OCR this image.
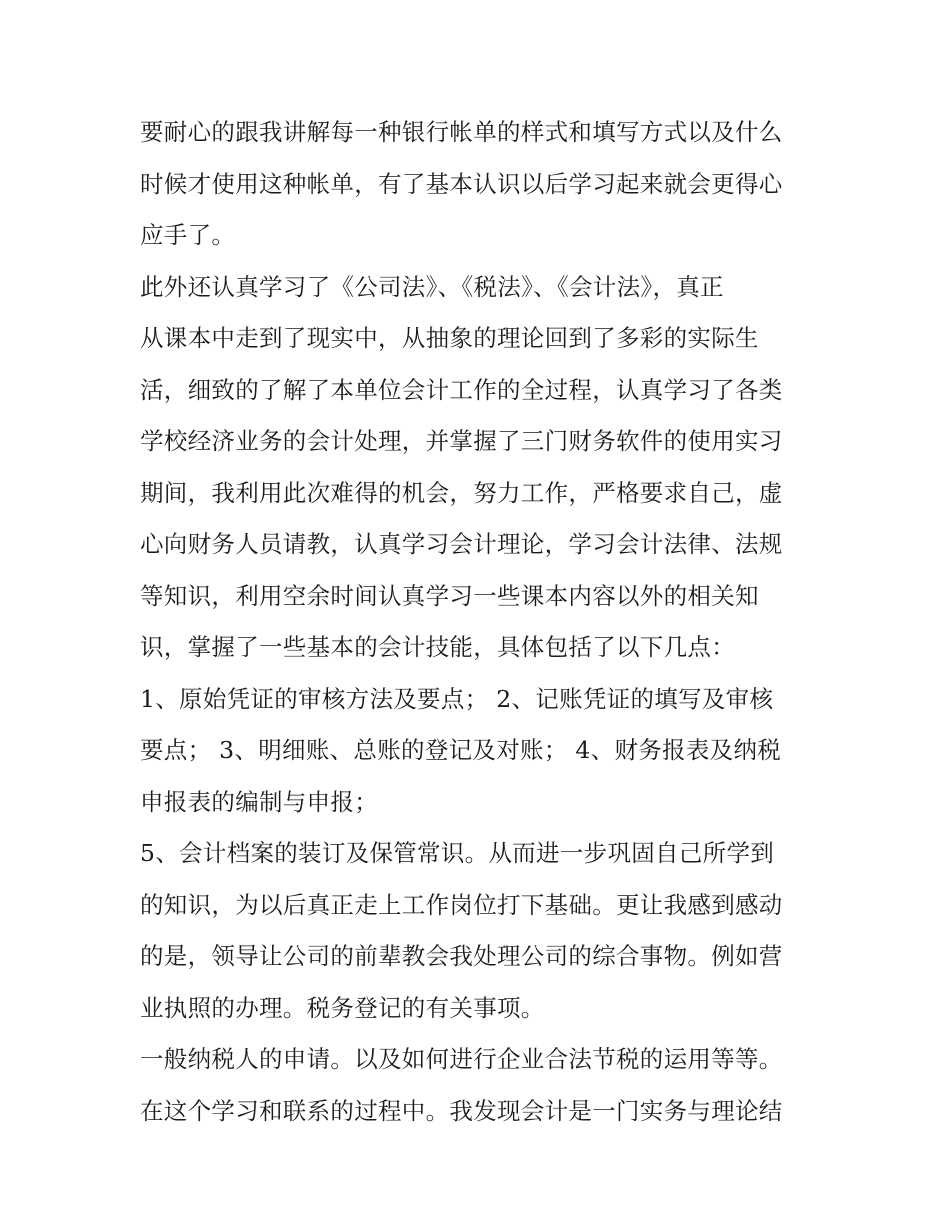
要耐心的跟我讲解每一种银行帐单的样式和填写方式以及什么
时候才使用这种帐单，有了基本认识以后学习起来就会更得心
应手了。
此外还认真学习了《公司法》、《税法》、《会计法》，真正
从课本中走到了现实中，从抽象的理论回到了多彩的实际生
活，细致的了解了本单位会计工作的全过程，认真学习了各类
学校经济业务的会计处理，并掌握了三门财务软件的使用实习
期间，我利用此次难得的机会，努力工作，严格要求自己，虚
心向财务人员请教，认真学习会计理论，学习会计法律、法规
等知识，利用空余时间认真学习一些课本内容以外的相关知
识，掌握了一些基本的会计技能，具体包括了以下几点：
1、原始凭证的审核方法及要点； 2、记账凭证的填写及审核
要点； 3、明细账、总账的登记及对账； 4、财务报表及纳税
申报表的编制与申报；
5、会计档案的装订及保管常识。从而进一步巩固自己所学到
的知识，为以后真正走上工作岗位打下基础。更让我感到感动
的是，领导让公司的前辈教会我处理公司的综合事物。例如营
业执照的办理。税务登记的有关事项。
一般纳税人的申请。以及如何进行企业合法节税的运用等等。
在这个学习和联系的过程中。我发现会计是一门实务与理论结
